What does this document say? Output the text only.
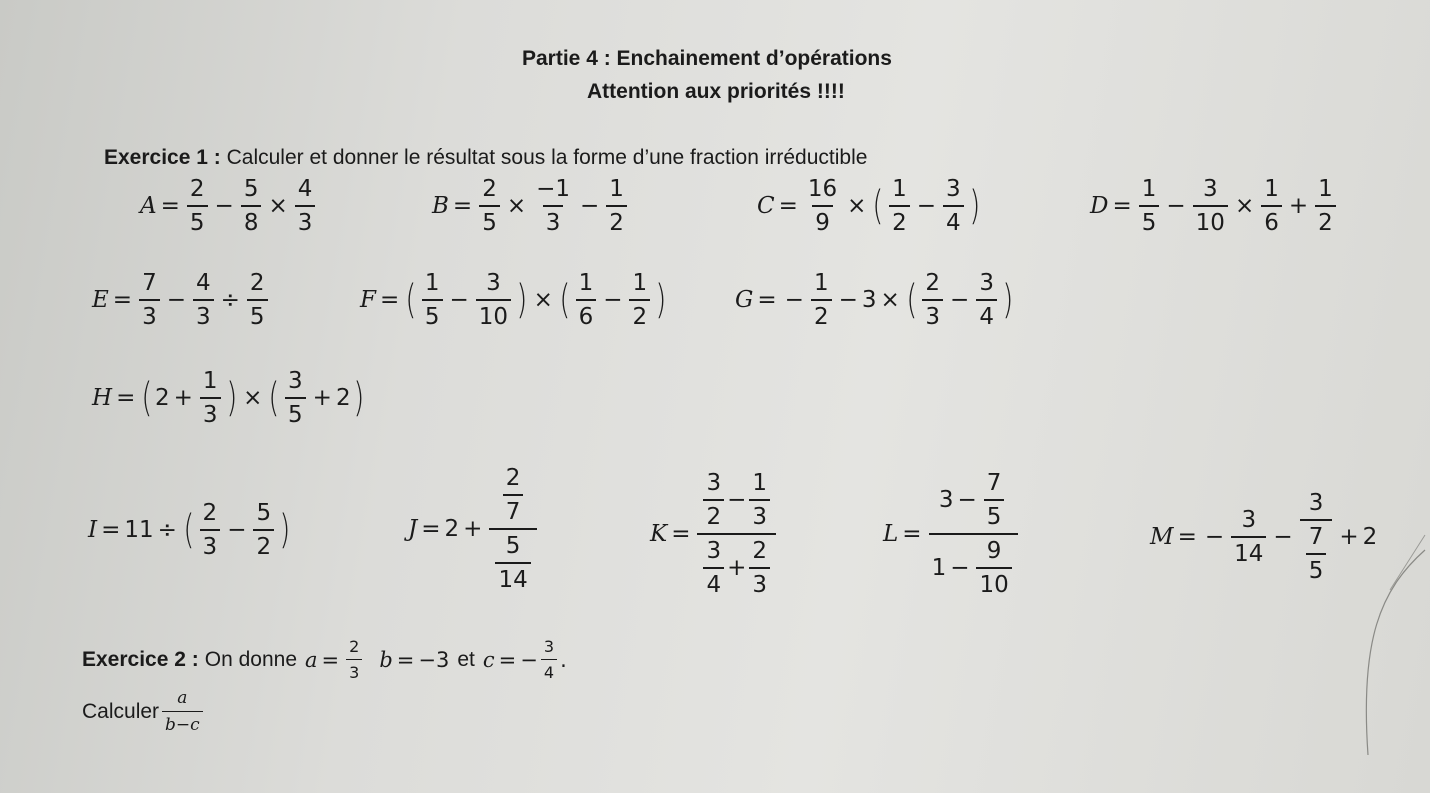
Partie 4 : Enchainement d’opérations
Attention aux priorités !!!!
Exercice 1 : Calculer et donner le résultat sous la forme d’une fraction irréductible
$A = \frac{2}{5} - \frac{5}{8} \times \frac{4}{3}$	$B = \frac{2}{5} \times \frac{-1}{3} - \frac{1}{2}$	$C = \frac{16}{9}$ × ( $\frac{1}{2} - \frac{3}{4}$ )	$D = \frac{1}{5} - \frac{3}{10} \times \frac{1}{6} + \frac{1}{2}$
$E = \frac{7}{3} - \frac{4}{3} \div \frac{2}{5}$	F = ( $\frac{1}{5} - \frac{3}{10}$ ) × ( $\frac{1}{6} - \frac{1}{2}$ )	G = − $\frac{1}{2} - 3$ × ( $\frac{2}{3} - \frac{3}{4}$ )
H = ( $2 + \frac{1}{3}$ ) × ( $\frac{3}{5} + 2$ )
I = 11 ÷ ( $\frac{2}{3} - \frac{5}{2}$ )	$J = 2 + \frac{\frac{2}{7}}{\frac{5}{14}}$	$K = \frac{\frac{3}{2} - \frac{1}{3}}{\frac{3}{4} + \frac{2}{3}}$	$L = \frac{3 - \frac{7}{5}}{1 - \frac{9}{10}}$	M = − $\frac{3}{14} - \frac{3}{\frac{7}{5}} + 2$
Exercice 2 : On donne $a = \frac{2}{3}$ b = −3 et c = − $\frac{3}{4}$ .
Calculer $\frac{a}{b-c}$
